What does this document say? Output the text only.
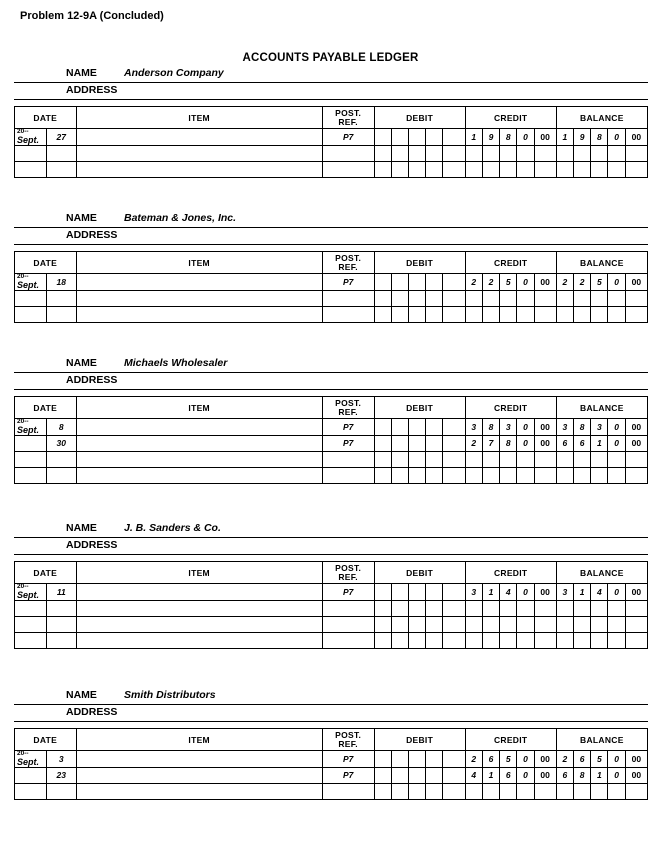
Problem 12-9A (Concluded)
ACCOUNTS PAYABLE LEDGER
NAME	Anderson Company
ADDRESS
DATE		ITEM	POST.
REF.	DEBIT					CREDIT					BALANCE				

20--
Sept.	27		P7						1	9	8	0	00	1	9	8	0	00

NAME	Bateman & Jones, Inc.
ADDRESS
DATE		ITEM	POST.
REF.	DEBIT					CREDIT					BALANCE				

20--
Sept.	18		P7						2	2	5	0	00	2	2	5	0	00

NAME	Michaels Wholesaler
ADDRESS
DATE		ITEM	POST.
REF.	DEBIT					CREDIT					BALANCE				

20--
Sept.	8		P7						3	8	3	0	00	3	8	3	0	00
	30		P7						2	7	8	0	00	6	6	1	0	00

NAME	J. B. Sanders & Co.
ADDRESS
DATE		ITEM	POST.
REF.	DEBIT					CREDIT					BALANCE				

20--
Sept.	11		P7						3	1	4	0	00	3	1	4	0	00

NAME	Smith Distributors
ADDRESS
DATE		ITEM	POST.
REF.	DEBIT					CREDIT					BALANCE				

20--
Sept.	3		P7						2	6	5	0	00	2	6	5	0	00
	23		P7						4	1	6	0	00	6	8	1	0	00
